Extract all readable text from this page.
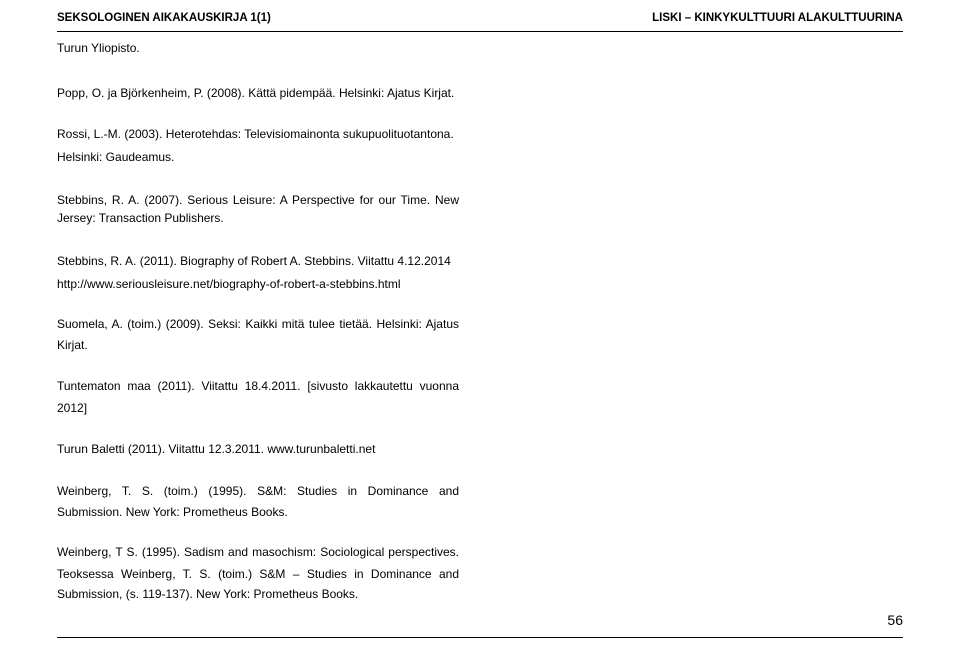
SEKSOLOGINEN AIKAKAUSKIRJA 1(1)	LISKI – KINKYKULTTUURI ALAKULTTUURINA
Turun Yliopisto.
Popp, O. ja Björkenheim, P. (2008). Kättä pidempää. Helsinki: Ajatus Kirjat.
Rossi, L.-M. (2003). Heterotehdas: Televisiomainonta sukupuolituotantona.
Helsinki: Gaudeamus.
Stebbins, R. A. (2007). Serious Leisure: A Perspective for our Time. New
Jersey: Transaction Publishers.
Stebbins, R. A. (2011). Biography of Robert A. Stebbins. Viitattu 4.12.2014
http://www.seriousleisure.net/biography-of-robert-a-stebbins.html
Suomela, A. (toim.) (2009). Seksi: Kaikki mitä tulee tietää. Helsinki: Ajatus
Kirjat.
Tuntematon maa (2011). Viitattu 18.4.2011. [sivusto lakkautettu vuonna
2012]
Turun Baletti (2011). Viitattu 12.3.2011. www.turunbaletti.net
Weinberg, T. S. (toim.) (1995). S&M: Studies in Dominance and
Submission. New York: Prometheus Books.
Weinberg, T S. (1995). Sadism and masochism: Sociological perspectives.
Teoksessa Weinberg, T. S. (toim.) S&M – Studies in Dominance and
Submission, (s. 119-137). New York: Prometheus Books.
56
